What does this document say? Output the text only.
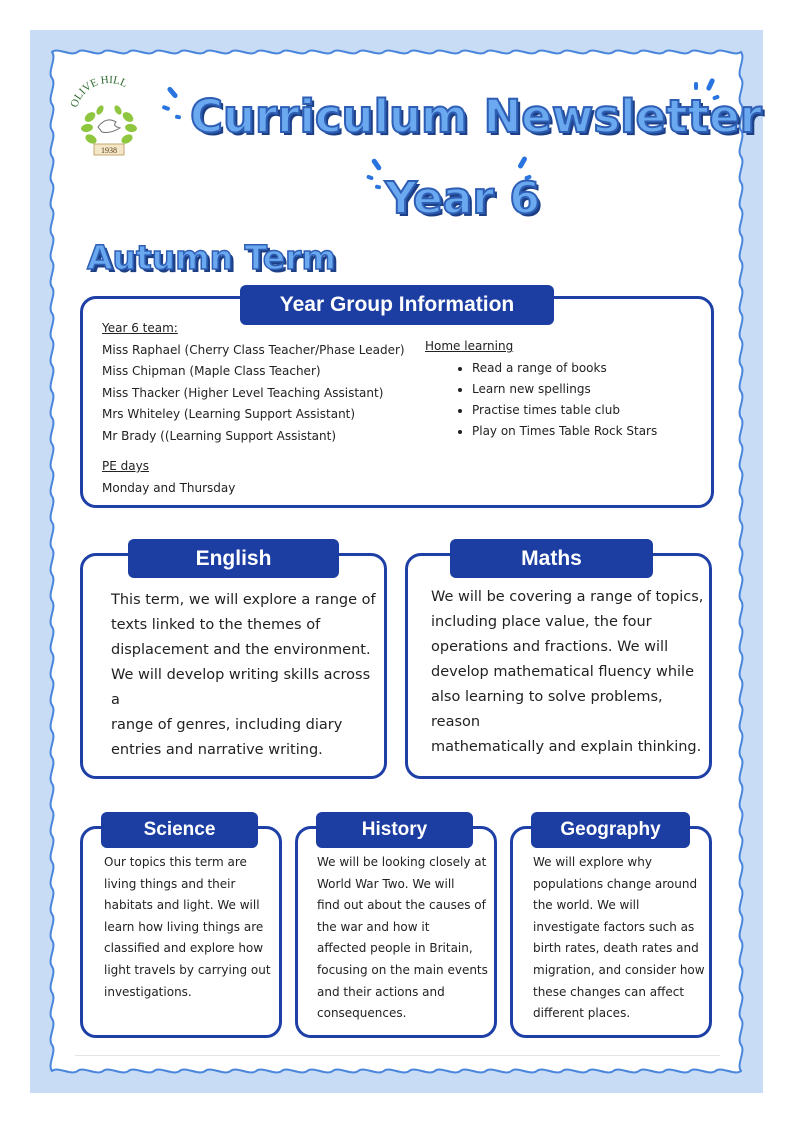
OLIVE HILL
1938
Curriculum Newsletter
Year 6
Autumn Term
Year Group Information
Year 6 team:
Miss Raphael (Cherry Class Teacher/Phase Leader)
Miss Chipman (Maple Class Teacher)
Miss Thacker (Higher Level Teaching Assistant)
Mrs Whiteley (Learning Support Assistant)
Mr Brady ((Learning Support Assistant)
PE days
Monday and Thursday
Home learning
• Read a range of books
• Learn new spellings
• Practise times table club
• Play on Times Table Rock Stars
English
This term, we will explore a range of
texts linked to the themes of
displacement and the environment.
We will develop writing skills across a
range of genres, including diary
entries and narrative writing.
Maths
We will be covering a range of topics,
including place value, the four
operations and fractions. We will
develop mathematical fluency while
also learning to solve problems, reason
mathematically and explain thinking.
Science
Our topics this term are
living things and their
habitats and light. We will
learn how living things are
classified and explore how
light travels by carrying out
investigations.
History
We will be looking closely at
World War Two. We will
find out about the causes of
the war and how it
affected people in Britain,
focusing on the main events
and their actions and
consequences.
Geography
We will explore why
populations change around
the world. We will
investigate factors such as
birth rates, death rates and
migration, and consider how
these changes can affect
different places.
